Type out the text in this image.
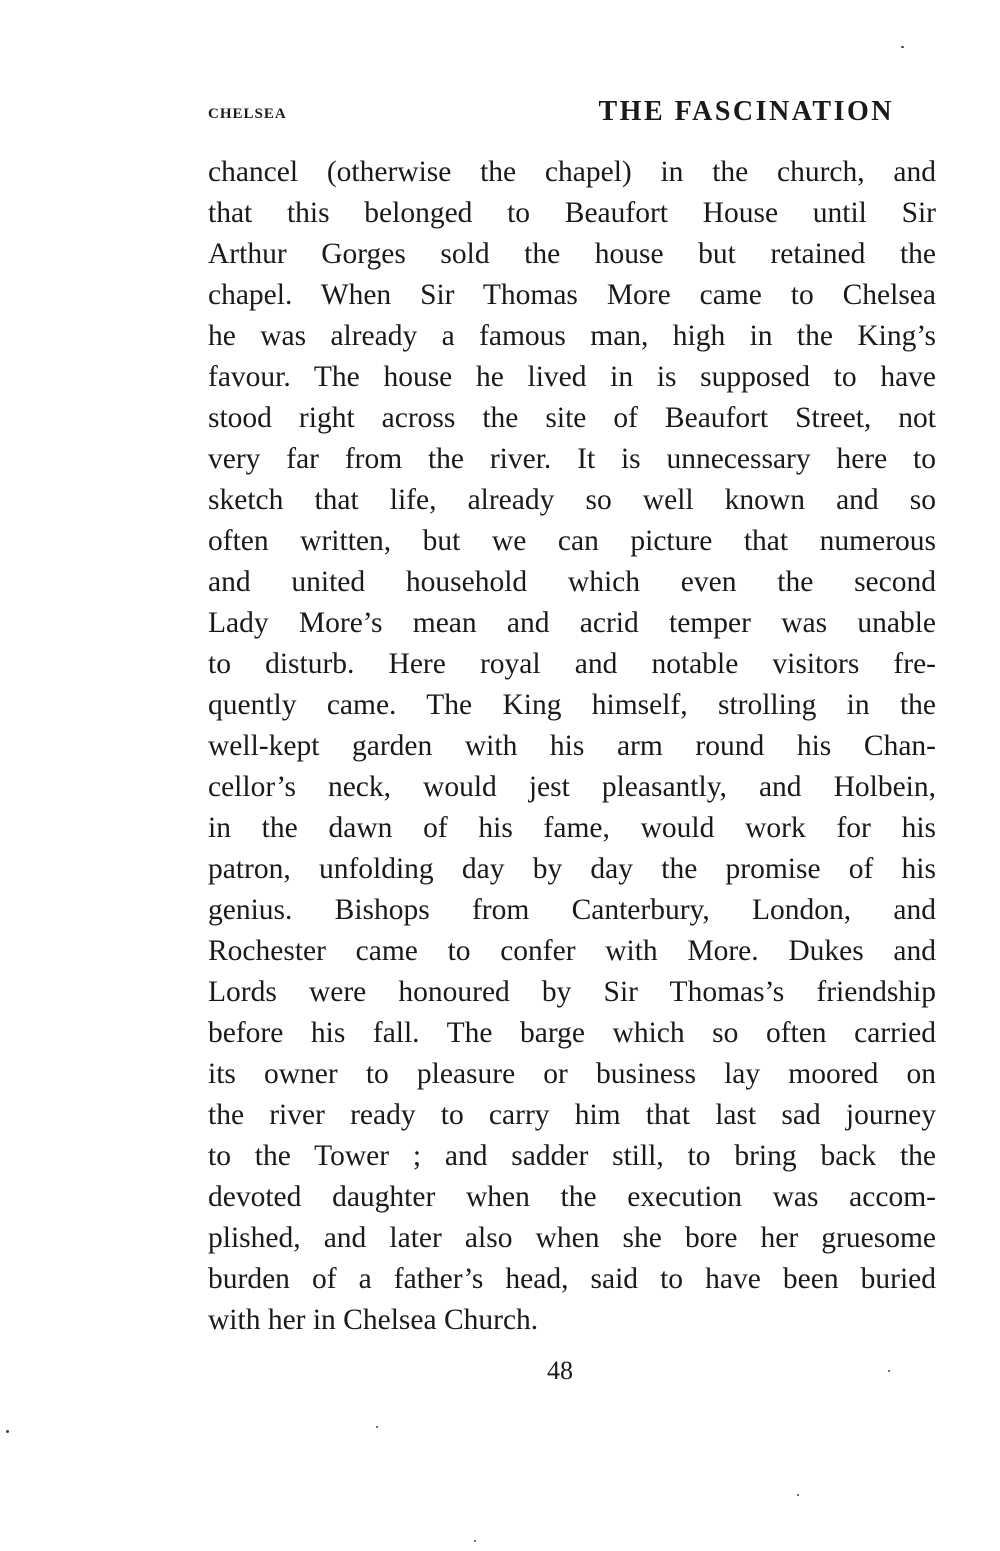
CHELSEA	THE FASCINATION
chancel (otherwise the chapel) in the church, and
that this belonged to Beaufort House until Sir
Arthur Gorges sold the house but retained the
chapel. When Sir Thomas More came to Chelsea
he was already a famous man, high in the King’s
favour. The house he lived in is supposed to have
stood right across the site of Beaufort Street, not
very far from the river. It is unnecessary here to
sketch that life, already so well known and so
often written, but we can picture that numerous
and united household which even the second
Lady More’s mean and acrid temper was unable
to disturb. Here royal and notable visitors fre-
quently came. The King himself, strolling in the
well-kept garden with his arm round his Chan-
cellor’s neck, would jest pleasantly, and Holbein,
in the dawn of his fame, would work for his
patron, unfolding day by day the promise of his
genius. Bishops from Canterbury, London, and
Rochester came to confer with More. Dukes and
Lords were honoured by Sir Thomas’s friendship
before his fall. The barge which so often carried
its owner to pleasure or business lay moored on
the river ready to carry him that last sad journey
to the Tower ; and sadder still, to bring back the
devoted daughter when the execution was accom-
plished, and later also when she bore her gruesome
burden of a father’s head, said to have been buried
with her in Chelsea Church.
48
